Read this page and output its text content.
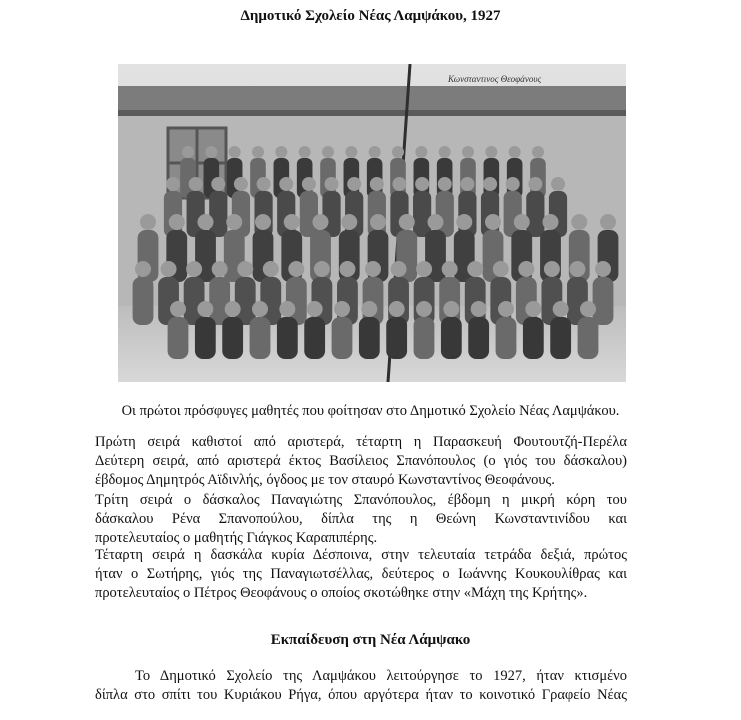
Δημοτικό Σχολείο Νέας Λαμψάκου, 1927
Κωνσταντινος Θεοφάνους
Οι πρώτοι πρόσφυγες μαθητές που φοίτησαν στο Δημοτικό Σχολείο Νέας Λαμψάκου.
Πρώτη σειρά καθιστοί από αριστερά, τέταρτη η Παρασκευή Φουτουτζή-Περέλα
Δεύτερη σειρά, από αριστερά έκτος Βασίλειος Σπανόπουλος (ο γιός του δάσκαλου)
έβδομος Δημητρός Αϊδινλής, όγδοος με τον σταυρό Κωνσταντίνος Θεοφάνους.
Τρίτη σειρά ο δάσκαλος Παναγιώτης Σπανόπουλος, έβδομη η μικρή κόρη του
δάσκαλου Ρένα Σπανοπούλου, δίπλα της η Θεώνη Κωνσταντινίδου και
προτελευταίος ο μαθητής Γιάγκος Καραπιπέρης.
Τέταρτη σειρά η δασκάλα κυρία Δέσποινα, στην τελευταία τετράδα δεξιά, πρώτος
ήταν ο Σωτήρης, γιός της Παναγιωτσέλλας, δεύτερος ο Ιωάννης Κουκουλίθρας και
προτελευταίος ο Πέτρος Θεοφάνους ο οποίος σκοτώθηκε στην «Μάχη της Κρήτης».
Εκπαίδευση στη Νέα Λάμψακο
Το Δημοτικό Σχολείο της Λαμψάκου λειτούργησε το 1927, ήταν κτισμένο
δίπλα στο σπίτι του Κυριάκου Ρήγα, όπου αργότερα ήταν το κοινοτικό Γραφείο Νέας
